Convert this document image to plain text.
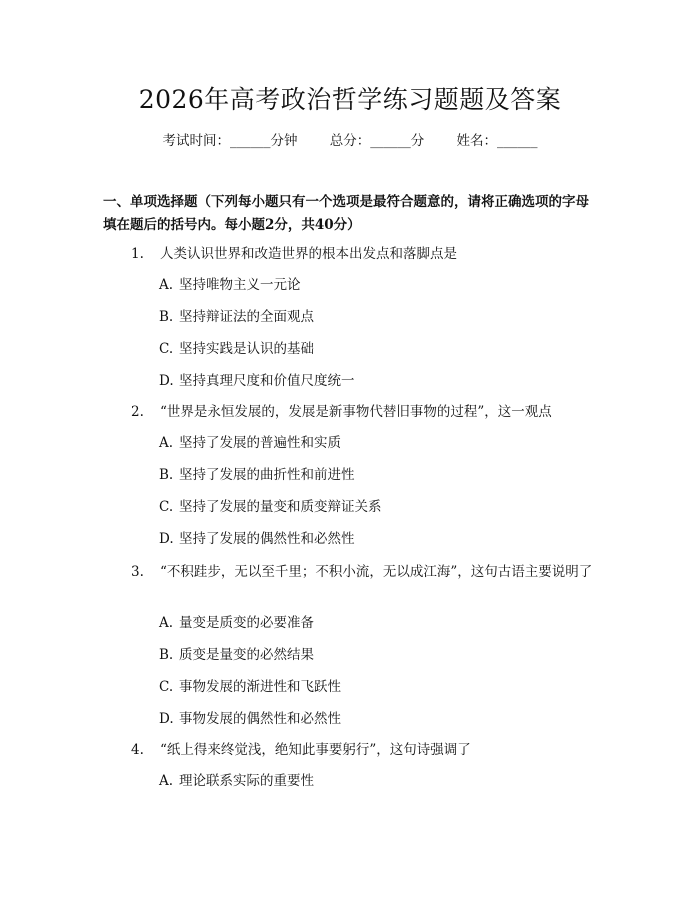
2026年高考政治哲学练习题题及答案
考试时间：______分钟 总分：______分 姓名：______
一、单项选择题（下列每小题只有一个选项是最符合题意的，请将正确选项的字母填在题后的括号内。每小题2分，共40分）
1. 人类认识世界和改造世界的根本出发点和落脚点是
A. 坚持唯物主义一元论
B. 坚持辩证法的全面观点
C. 坚持实践是认识的基础
D. 坚持真理尺度和价值尺度统一
2. “世界是永恒发展的，发展是新事物代替旧事物的过程”，这一观点
A. 坚持了发展的普遍性和实质
B. 坚持了发展的曲折性和前进性
C. 坚持了发展的量变和质变辩证关系
D. 坚持了发展的偶然性和必然性
3. “不积跬步，无以至千里；不积小流，无以成江海”，这句古语主要说明了
A. 量变是质变的必要准备
B. 质变是量变的必然结果
C. 事物发展的渐进性和飞跃性
D. 事物发展的偶然性和必然性
4. “纸上得来终觉浅，绝知此事要躬行”，这句诗强调了
A. 理论联系实际的重要性
